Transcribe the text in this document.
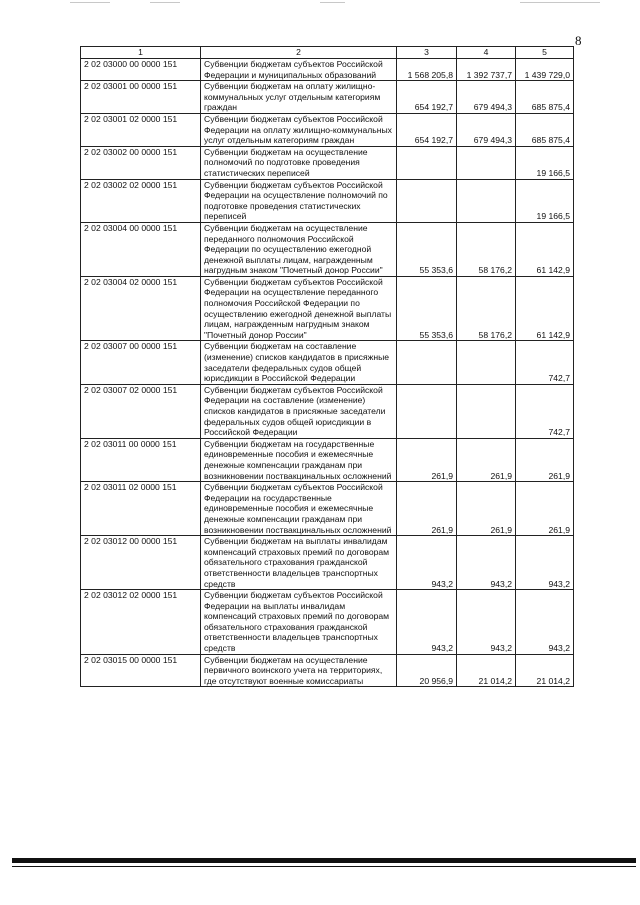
8
1	2	3	4	5
2 02 03000 00 0000 151	Субвенции бюджетам субъектов Российской Федерации и муниципальных образований	1 568 205,8	1 392 737,7	1 439 729,0
2 02 03001 00 0000 151	Субвенции бюджетам на оплату жилищно-коммунальных услуг отдельным категориям граждан	654 192,7	679 494,3	685 875,4
2 02 03001 02 0000 151	Субвенции бюджетам субъектов Российской Федерации на оплату жилищно-коммунальных услуг отдельным категориям граждан	654 192,7	679 494,3	685 875,4
2 02 03002 00 0000 151	Субвенции бюджетам на осуществление полномочий по подготовке проведения статистических переписей			19 166,5
2 02 03002 02 0000 151	Субвенции бюджетам субъектов Российской Федерации на осуществление полномочий по подготовке проведения статистических переписей			19 166,5
2 02 03004 00 0000 151	Субвенции бюджетам на осуществление переданного полномочия Российской Федерации по осуществлению ежегодной денежной выплаты лицам, награжденным нагрудным знаком "Почетный донор России"	55 353,6	58 176,2	61 142,9
2 02 03004 02 0000 151	Субвенции бюджетам субъектов Российской Федерации на осуществление переданного полномочия Российской Федерации по осуществлению ежегодной денежной выплаты лицам, награжденным нагрудным знаком "Почетный донор России"	55 353,6	58 176,2	61 142,9
2 02 03007 00 0000 151	Субвенции бюджетам на составление (изменение) списков кандидатов в присяжные заседатели федеральных судов общей юрисдикции в Российской Федерации			742,7
2 02 03007 02 0000 151	Субвенции бюджетам субъектов Российской Федерации на составление (изменение) списков кандидатов в присяжные заседатели федеральных судов общей юрисдикции в Российской Федерации			742,7
2 02 03011 00 0000 151	Субвенции бюджетам на государственные единовременные пособия и ежемесячные денежные компенсации гражданам при возникновении поствакцинальных осложнений	261,9	261,9	261,9
2 02 03011 02 0000 151	Субвенции бюджетам субъектов Российской Федерации на государственные единовременные пособия и ежемесячные денежные компенсации гражданам при возникновении поствакцинальных осложнений	261,9	261,9	261,9
2 02 03012 00 0000 151	Субвенции бюджетам на выплаты инвалидам компенсаций страховых премий по договорам обязательного страхования гражданской ответственности владельцев транспортных средств	943,2	943,2	943,2
2 02 03012 02 0000 151	Субвенции бюджетам субъектов Российской Федерации на выплаты инвалидам компенсаций страховых премий по договорам обязательного страхования гражданской ответственности владельцев транспортных средств	943,2	943,2	943,2
2 02 03015 00 0000 151	Субвенции бюджетам на осуществление первичного воинского учета на территориях, где отсутствуют военные комиссариаты	20 956,9	21 014,2	21 014,2
